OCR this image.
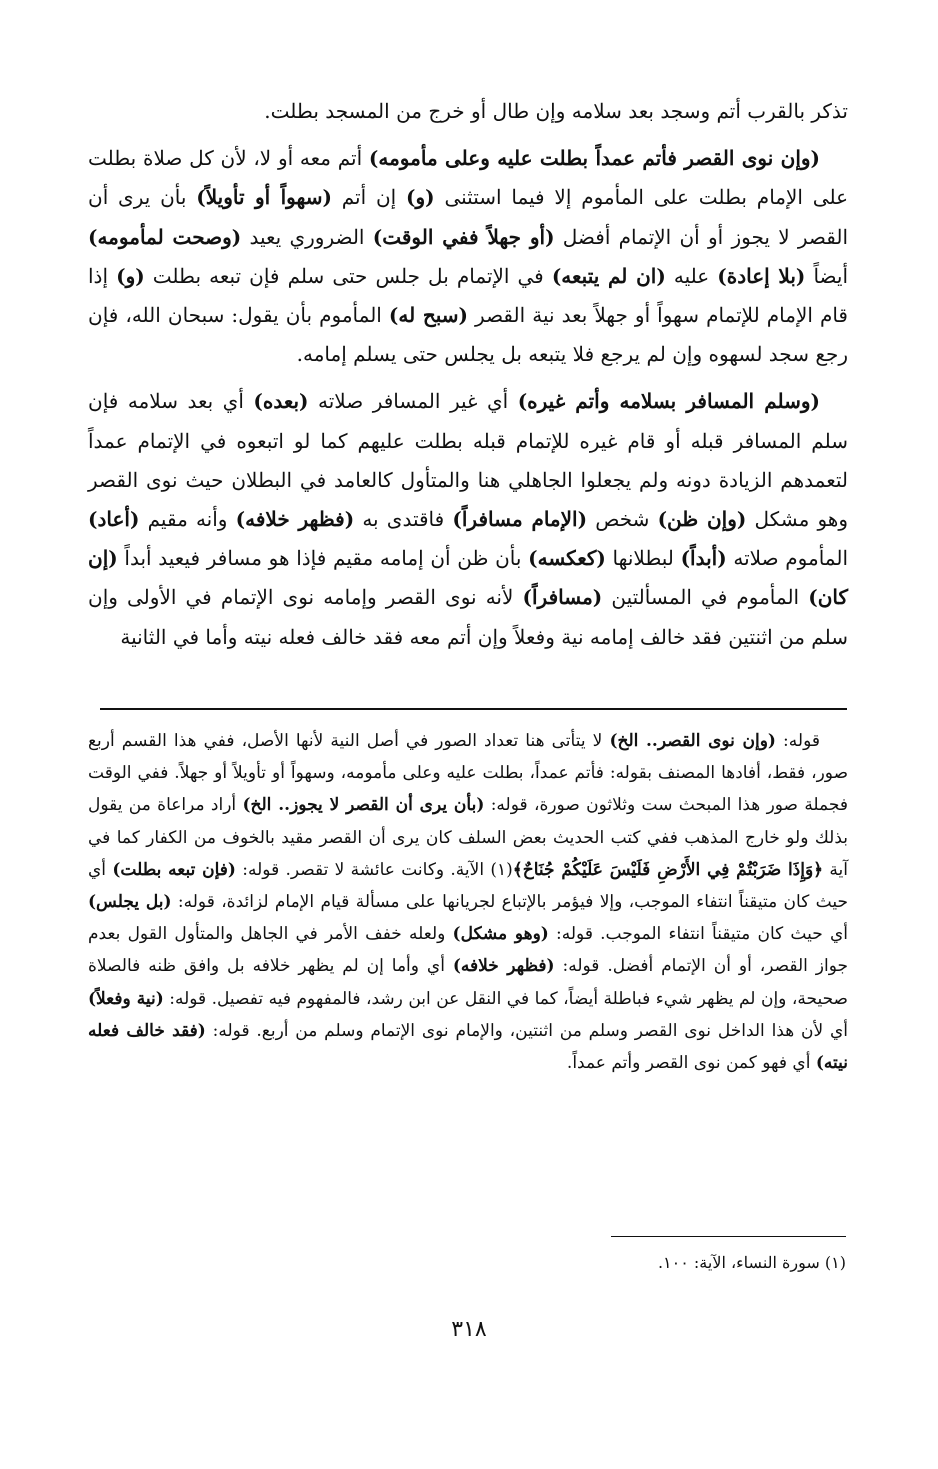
تذكر بالقرب أتم وسجد بعد سلامه وإن طال أو خرج من المسجد بطلت.

(وإن نوى القصر فأتم عمداً بطلت عليه وعلى مأمومه) أتم معه أو لا، لأن كل صلاة بطلت على الإمام بطلت على المأموم إلا فيما استثنى (و) إن أتم (سهواً أو تأويلاً) بأن يرى أن القصر لا يجوز أو أن الإتمام أفضل (أو جهلاً ففي الوقت) الضروري يعيد (وصحت لمأمومه) أيضاً (بلا إعادة) عليه (ان لم يتبعه) في الإتمام بل جلس حتى سلم فإن تبعه بطلت (و) إذا قام الإمام للإتمام سهواً أو جهلاً بعد نية القصر (سبح له) المأموم بأن يقول: سبحان الله، فإن رجع سجد لسهوه وإن لم يرجع فلا يتبعه بل يجلس حتى يسلم إمامه.

(وسلم المسافر بسلامه وأتم غيره) أي غير المسافر صلاته (بعده) أي بعد سلامه فإن سلم المسافر قبله أو قام غيره للإتمام قبله بطلت عليهم كما لو اتبعوه في الإتمام عمداً لتعمدهم الزيادة دونه ولم يجعلوا الجاهلي هنا والمتأول كالعامد في البطلان حيث نوى القصر وهو مشكل (وإن ظن) شخص (الإمام مسافراً) فاقتدى به (فظهر خلافه) وأنه مقيم (أعاد) المأموم صلاته (أبداً) لبطلانها (كعكسه) بأن ظن أن إمامه مقيم فإذا هو مسافر فيعيد أبداً (إن كان) المأموم في المسألتين (مسافراً) لأنه نوى القصر وإمامه نوى الإتمام في الأولى وإن سلم من اثنتين فقد خالف إمامه نية وفعلاً وإن أتم معه فقد خالف فعله نيته وأما في الثانية

قوله: (وإن نوى القصر.. الخ) لا يتأتى هنا تعداد الصور في أصل النية لأنها الأصل، ففي هذا القسم أربع صور، فقط، أفادها المصنف بقوله: فأتم عمداً، بطلت عليه وعلى مأمومه، وسهواً أو تأويلاً أو جهلاً. ففي الوقت فجملة صور هذا المبحث ست وثلاثون صورة، قوله: (بأن يرى أن القصر لا يجوز.. الخ) أراد مراعاة من يقول بذلك ولو خارج المذهب ففي كتب الحديث بعض السلف كان يرى أن القصر مقيد بالخوف من الكفار كما في آية ﴿وَإِذَا ضَرَبْتُمْ فِي الأَرْضِ فَلَيْسَ عَلَيْكُمْ جُنَاحٌ﴾(١) الآية. وكانت عائشة لا تقصر. قوله: (فإن تبعه بطلت) أي حيث كان متيقناً انتفاء الموجب، وإلا فيؤمر بالإتباع لجريانها على مسألة قيام الإمام لزائدة، قوله: (بل يجلس) أي حيث كان متيقناً انتفاء الموجب. قوله: (وهو مشكل) ولعله خفف الأمر في الجاهل والمتأول القول بعدم جواز القصر، أو أن الإتمام أفضل. قوله: (فظهر خلافه) أي وأما إن لم يظهر خلافه بل وافق ظنه فالصلاة صحيحة، وإن لم يظهر شيء فباطلة أيضاً، كما في النقل عن ابن رشد، فالمفهوم فيه تفصيل. قوله: (نية وفعلاً) أي لأن هذا الداخل نوى القصر وسلم من اثنتين، والإمام نوى الإتمام وسلم من أربع. قوله: (فقد خالف فعله نيته) أي فهو كمن نوى القصر وأتم عمداً.

(١) سورة النساء، الآية: ١٠٠.
٣١٨
